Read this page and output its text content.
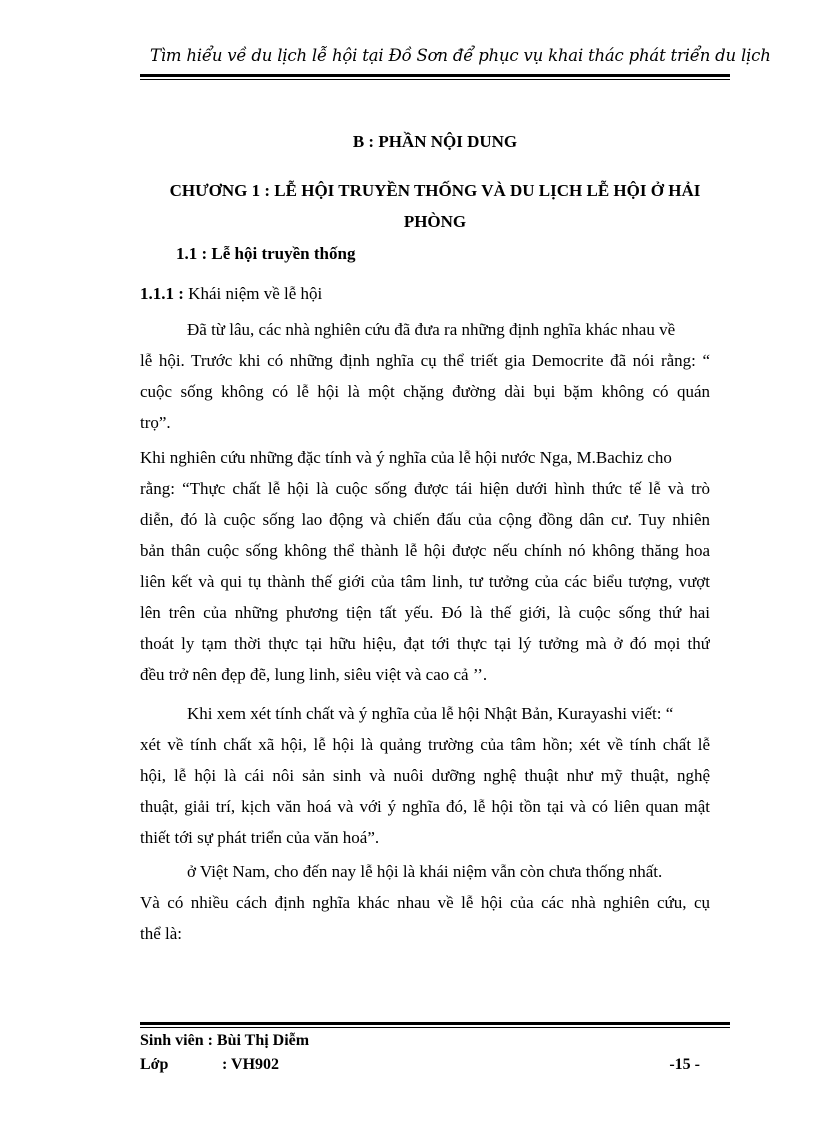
Tìm hiểu về du lịch lễ hội tại Đồ Sơn để phục vụ khai thác phát triển du lịch
B : PHẦN NỘI DUNG
CHƯƠNG 1 : LỄ HỘI TRUYỀN THỐNG VÀ DU LỊCH LỄ HỘI Ở HẢI
PHÒNG
1.1 : Lễ hội truyền thống
1.1.1 : Khái niệm về lễ hội
Đã từ lâu, các nhà nghiên cứu đã đưa ra những định nghĩa khác nhau về
lễ hội. Trước khi có những định nghĩa cụ thể triết gia Democrite đã nói rằng: “
cuộc sống không có lễ hội là một chặng đường dài bụi bặm không có quán
trọ”.
Khi nghiên cứu những đặc tính và ý nghĩa của lễ hội nước Nga, M.Bachiz cho
rằng: “Thực chất lễ hội là cuộc sống được tái hiện dưới hình thức tế lễ và trò
diễn, đó là cuộc sống lao động và chiến đấu của cộng đồng dân cư. Tuy nhiên
bản thân cuộc sống không thể thành lễ hội được nếu chính nó không thăng hoa
liên kết và qui tụ thành thế giới của tâm linh, tư tưởng của các biểu tượng, vượt
lên trên của những phương tiện tất yếu. Đó là thế giới, là cuộc sống thứ hai
thoát ly tạm thời thực tại hữu hiệu, đạt tới thực tại lý tưởng mà ở đó mọi thứ
đều trở nên đẹp đẽ, lung linh, siêu việt và cao cả ’’.
Khi xem xét tính chất và ý nghĩa của lễ hội Nhật Bản, Kurayashi viết: “
xét về tính chất xã hội, lễ hội là quảng trường của tâm hồn; xét về tính chất lễ
hội, lễ hội là cái nôi sản sinh và nuôi dưỡng nghệ thuật như mỹ thuật, nghệ
thuật, giải trí, kịch văn hoá và với ý nghĩa đó, lễ hội tồn tại và có liên quan mật
thiết tới sự phát triển của văn hoá”.
ở Việt Nam, cho đến nay lễ hội là khái niệm vẫn còn chưa thống nhất.
Và có nhiều cách định nghĩa khác nhau về lễ hội của các nhà nghiên cứu, cụ
thể là:
Sinh viên : Bùi Thị Diễm
Lớp	: VH902	-15 -
